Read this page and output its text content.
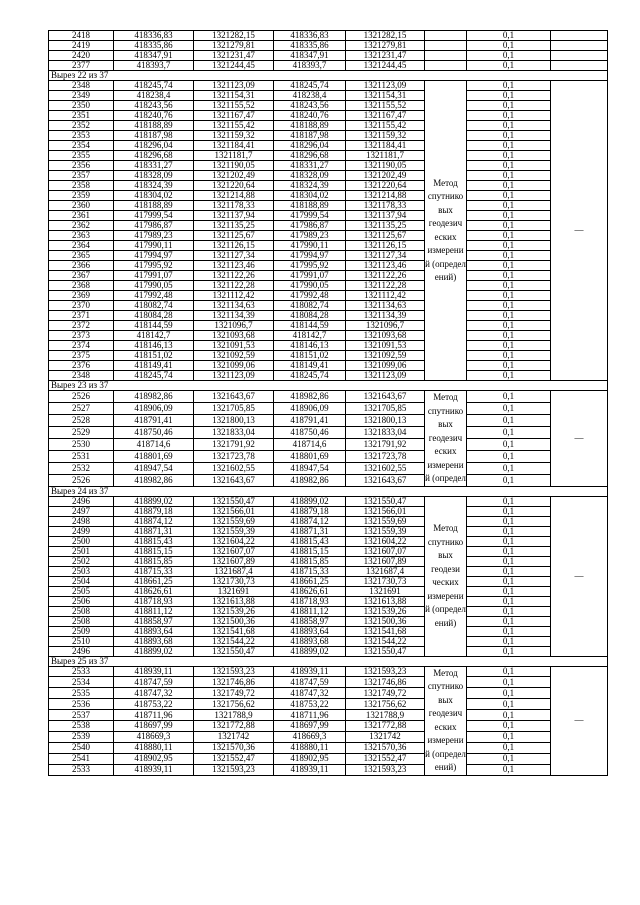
2418	418336,83	1321282,15	418336,83	1321282,15		0,1	
2419	418335,86	1321279,81	418335,86	1321279,81		0,1	
2420	418347,91	1321231,47	418347,91	1321231,47		0,1	
2377	418393,7	1321244,45	418393,7	1321244,45		0,1	
Вырез 22 из 37							
2348	418245,74	1321123,09	418245,74	1321123,09	Метод спутнико вых геодезич еских измерени й (определ ений)	0,1	—
2349	418238,4	1321154,31	418238,4	1321154,31		0,1	
2350	418243,56	1321155,52	418243,56	1321155,52		0,1	
2351	418240,76	1321167,47	418240,76	1321167,47		0,1	
2352	418188,89	1321155,42	418188,89	1321155,42		0,1	
2353	418187,98	1321159,32	418187,98	1321159,32		0,1	
2354	418296,04	1321184,41	418296,04	1321184,41		0,1	
2355	418296,68	1321181,7	418296,68	1321181,7		0,1	
2356	418331,27	1321190,05	418331,27	1321190,05		0,1	
2357	418328,09	1321202,49	418328,09	1321202,49		0,1	
2358	418324,39	1321220,64	418324,39	1321220,64		0,1	
2359	418304,02	1321214,88	418304,02	1321214,88		0,1	
2360	418188,89	1321178,33	418188,89	1321178,33		0,1	
2361	417999,54	1321137,94	417999,54	1321137,94		0,1	
2362	417986,87	1321135,25	417986,87	1321135,25		0,1	
2363	417989,23	1321125,67	417989,23	1321125,67		0,1	
2364	417990,11	1321126,15	417990,11	1321126,15		0,1	
2365	417994,97	1321127,34	417994,97	1321127,34		0,1	
2366	417995,92	1321123,46	417995,92	1321123,46		0,1	
2367	417991,07	1321122,26	417991,07	1321122,26		0,1	
2368	417990,05	1321122,28	417990,05	1321122,28		0,1	
2369	417992,48	1321112,42	417992,48	1321112,42		0,1	
2370	418082,74	1321134,63	418082,74	1321134,63		0,1	
2371	418084,28	1321134,39	418084,28	1321134,39		0,1	
2372	418144,59	1321096,7	418144,59	1321096,7		0,1	
2373	418142,7	1321093,68	418142,7	1321093,68		0,1	
2374	418146,13	1321091,53	418146,13	1321091,53		0,1	
2375	418151,02	1321092,59	418151,02	1321092,59		0,1	
2376	418149,41	1321099,06	418149,41	1321099,06		0,1	
2348	418245,74	1321123,09	418245,74	1321123,09		0,1	
Вырез 23 из 37							
2526	418982,86	1321643,67	418982,86	1321643,67	Метод спутнико вых геодезич еских измерени й (определ	0,1	—
2527	418906,09	1321705,85	418906,09	1321705,85		0,1	
2528	418791,41	1321800,13	418791,41	1321800,13		0,1	
2529	418750,46	1321833,04	418750,46	1321833,04		0,1	
2530	418714,6	1321791,92	418714,6	1321791,92		0,1	
2531	418801,69	1321723,78	418801,69	1321723,78		0,1	
2532	418947,54	1321602,55	418947,54	1321602,55		0,1	
2526	418982,86	1321643,67	418982,86	1321643,67		0,1	
Вырез 24 из 37							
2496	418899,02	1321550,47	418899,02	1321550,47	Метод спутнико вых геодези ческих измерени й (определ ений)	0,1	—
2497	418879,18	1321566,01	418879,18	1321566,01		0,1	
2498	418874,12	1321559,69	418874,12	1321559,69		0,1	
2499	418871,31	1321559,39	418871,31	1321559,39		0,1	
2500	418815,43	1321604,22	418815,43	1321604,22		0,1	
2501	418815,15	1321607,07	418815,15	1321607,07		0,1	
2502	418815,85	1321607,89	418815,85	1321607,89		0,1	
2503	418715,33	1321687,4	418715,33	1321687,4		0,1	
2504	418661,25	1321730,73	418661,25	1321730,73		0,1	
2505	418626,61	1321691	418626,61	1321691		0,1	
2506	418718,93	1321613,88	418718,93	1321613,88		0,1	
2508	418811,12	1321539,26	418811,12	1321539,26		0,1	
2508	418858,97	1321500,36	418858,97	1321500,36		0,1	
2509	418893,64	1321541,68	418893,64	1321541,68		0,1	
2510	418893,68	1321544,22	418893,68	1321544,22		0,1	
2496	418899,02	1321550,47	418899,02	1321550,47		0,1	
Вырез 25 из 37							
2533	418939,11	1321593,23	418939,11	1321593,23	Метод спутнико вых геодезич еских измерени й (определ ений)	0,1	—
2534	418747,59	1321746,86	418747,59	1321746,86		0,1	
2535	418747,32	1321749,72	418747,32	1321749,72		0,1	
2536	418753,22	1321756,62	418753,22	1321756,62		0,1	
2537	418711,96	1321788,9	418711,96	1321788,9		0,1	
2538	418697,99	1321772,88	418697,99	1321772,88		0,1	
2539	418669,3	1321742	418669,3	1321742		0,1	
2540	418880,11	1321570,36	418880,11	1321570,36		0,1	
2541	418902,95	1321552,47	418902,95	1321552,47		0,1	
2533	418939,11	1321593,23	418939,11	1321593,23		0,1	
